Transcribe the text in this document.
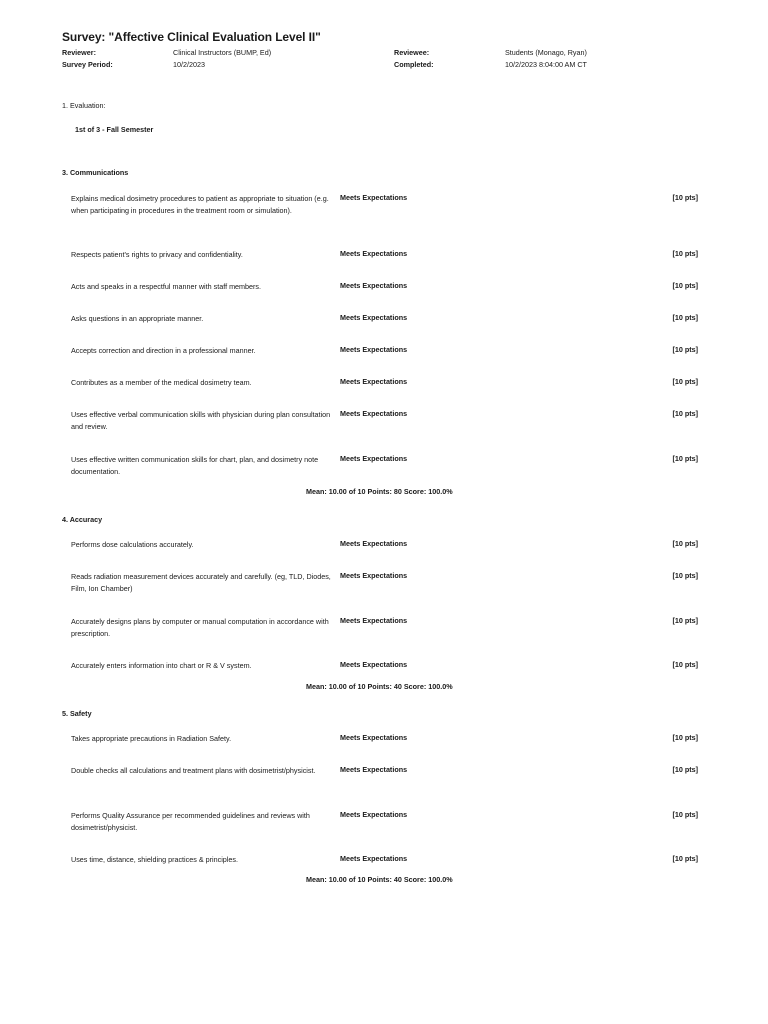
Survey: "Affective Clinical Evaluation Level II"
Reviewer:	Clinical Instructors (BUMP, Ed)	Reviewee:	Students (Monago, Ryan)
Survey Period:	10/2/2023	Completed:	10/2/2023 8:04:00 AM CT
1. Evaluation:
1st of 3 - Fall Semester
3. Communications
Explains medical dosimetry procedures to patient as appropriate to situation (e.g. when participating in procedures in the treatment room or simulation).
Meets Expectations	[10 pts]
Respects patient's rights to privacy and confidentiality.	Meets Expectations	[10 pts]
Acts and speaks in a respectful manner with staff members.	Meets Expectations	[10 pts]
Asks questions in an appropriate manner.	Meets Expectations	[10 pts]
Accepts correction and direction in a professional manner.	Meets Expectations	[10 pts]
Contributes as a member of the medical dosimetry team.	Meets Expectations	[10 pts]
Uses effective verbal communication skills with physician during plan consultation and review.
Meets Expectations	[10 pts]
Uses effective written communication skills for chart, plan, and dosimetry note documentation.
Meets Expectations	[10 pts]
Mean: 10.00 of 10 Points: 80 Score: 100.0%
4. Accuracy
Performs dose calculations accurately.	Meets Expectations	[10 pts]
Reads radiation measurement devices accurately and carefully. (eg, TLD, Diodes, Film, Ion Chamber)
Meets Expectations	[10 pts]
Accurately designs plans by computer or manual computation in accordance with prescription.
Meets Expectations	[10 pts]
Accurately enters information into chart or R & V system.	Meets Expectations	[10 pts]
Mean: 10.00 of 10 Points: 40 Score: 100.0%
5. Safety
Takes appropriate precautions in Radiation Safety.	Meets Expectations	[10 pts]
Double checks all calculations and treatment plans with dosimetrist/physicist.	Meets Expectations	[10 pts]
Performs Quality Assurance per recommended guidelines and reviews with dosimetrist/physicist.
Meets Expectations	[10 pts]
Uses time, distance, shielding practices & principles.	Meets Expectations	[10 pts]
Mean: 10.00 of 10 Points: 40 Score: 100.0%
